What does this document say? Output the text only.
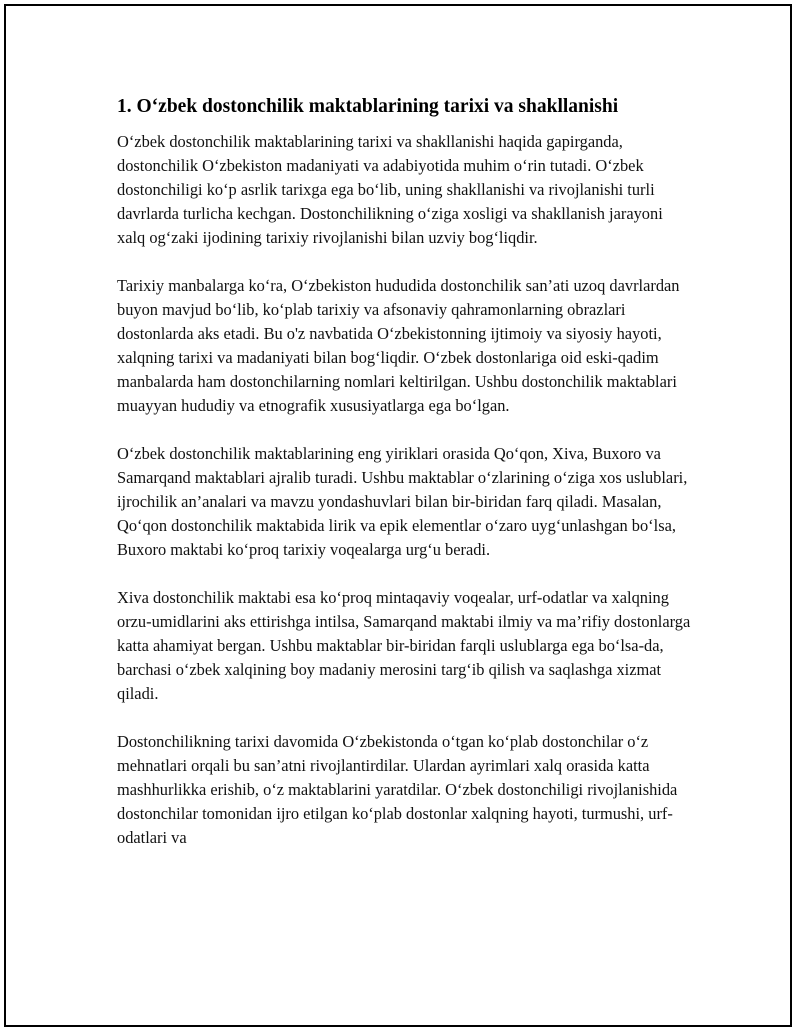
1. O‘zbek dostonchilik maktablarining tarixi va shakllanishi

O‘zbek dostonchilik maktablarining tarixi va shakllanishi haqida gapirganda, dostonchilik O‘zbekiston madaniyati va adabiyotida muhim o‘rin tutadi. O‘zbek dostonchiligi ko‘p asrlik tarixga ega bo‘lib, uning shakllanishi va rivojlanishi turli davrlarda turlicha kechgan. Dostonchilikning o‘ziga xosligi va shakllanish jarayoni xalq og‘zaki ijodining tarixiy rivojlanishi bilan uzviy bog‘liqdir.

Tarixiy manbalarga ko‘ra, O‘zbekiston hududida dostonchilik san’ati uzoq davrlardan buyon mavjud bo‘lib, ko‘plab tarixiy va afsonaviy qahramonlarning obrazlari dostonlarda aks etadi. Bu o'z navbatida O‘zbekistonning ijtimoiy va siyosiy hayoti, xalqning tarixi va madaniyati bilan bog‘liqdir. O‘zbek dostonlariga oid eski-qadim manbalarda ham dostonchilarning nomlari keltirilgan. Ushbu dostonchilik maktablari muayyan hududiy va etnografik xususiyatlarga ega bo‘lgan.

O‘zbek dostonchilik maktablarining eng yiriklari orasida Qo‘qon, Xiva, Buxoro va Samarqand maktablari ajralib turadi. Ushbu maktablar o‘zlarining o‘ziga xos uslublari, ijrochilik an’analari va mavzu yondashuvlari bilan bir-biridan farq qiladi. Masalan, Qo‘qon dostonchilik maktabida lirik va epik elementlar o‘zaro uyg‘unlashgan bo‘lsa, Buxoro maktabi ko‘proq tarixiy voqealarga urg‘u beradi.

Xiva dostonchilik maktabi esa ko‘proq mintaqaviy voqealar, urf-odatlar va xalqning orzu-umidlarini aks ettirishga intilsa, Samarqand maktabi ilmiy va ma’rifiy dostonlarga katta ahamiyat bergan. Ushbu maktablar bir-biridan farqli uslublarga ega bo‘lsa-da, barchasi o‘zbek xalqining boy madaniy merosini targ‘ib qilish va saqlashga xizmat qiladi.

Dostonchilikning tarixi davomida O‘zbekistonda o‘tgan ko‘plab dostonchilar o‘z mehnatlari orqali bu san’atni rivojlantirdilar. Ulardan ayrimlari xalq orasida katta mashhurlikka erishib, o‘z maktablarini yaratdilar. O‘zbek dostonchiligi rivojlanishida dostonchilar tomonidan ijro etilgan ko‘plab dostonlar xalqning hayoti, turmushi, urf-odatlari va
